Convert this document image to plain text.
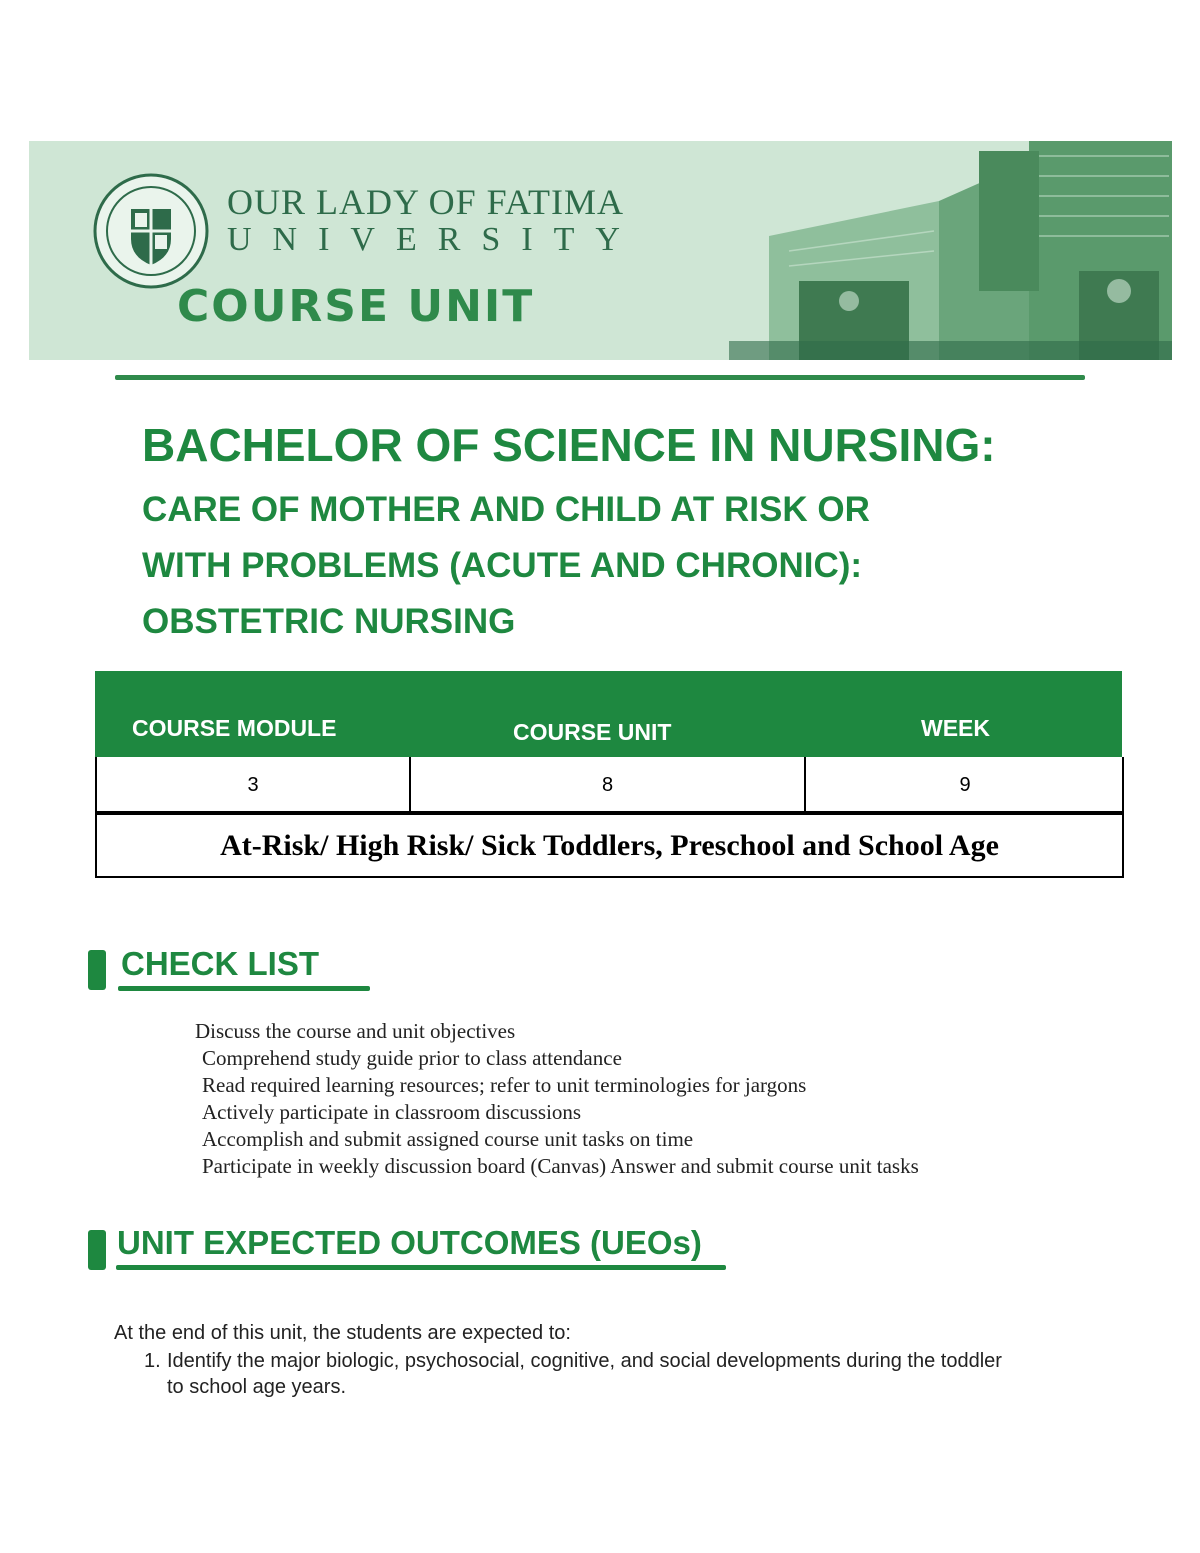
OUR LADY OF FATIMA
UNIVERSITY
COURSE UNIT
BACHELOR OF SCIENCE IN NURSING:
CARE OF MOTHER AND CHILD AT RISK OR
WITH PROBLEMS (ACUTE AND CHRONIC):
OBSTETRIC NURSING
COURSE MODULE	COURSE UNIT	WEEK
3	8	9
At-Risk/ High Risk/ Sick Toddlers, Preschool and School Age
CHECK LIST
Discuss the course and unit objectives
Comprehend study guide prior to class attendance
Read required learning resources; refer to unit terminologies for jargons
Actively participate in classroom discussions
Accomplish and submit assigned course unit tasks on time
Participate in weekly discussion board (Canvas) Answer and submit course unit tasks
UNIT EXPECTED OUTCOMES (UEOs)
At the end of this unit, the students are expected to:
1. Identify the major biologic, psychosocial, cognitive, and social developments during the toddler
to school age years.
